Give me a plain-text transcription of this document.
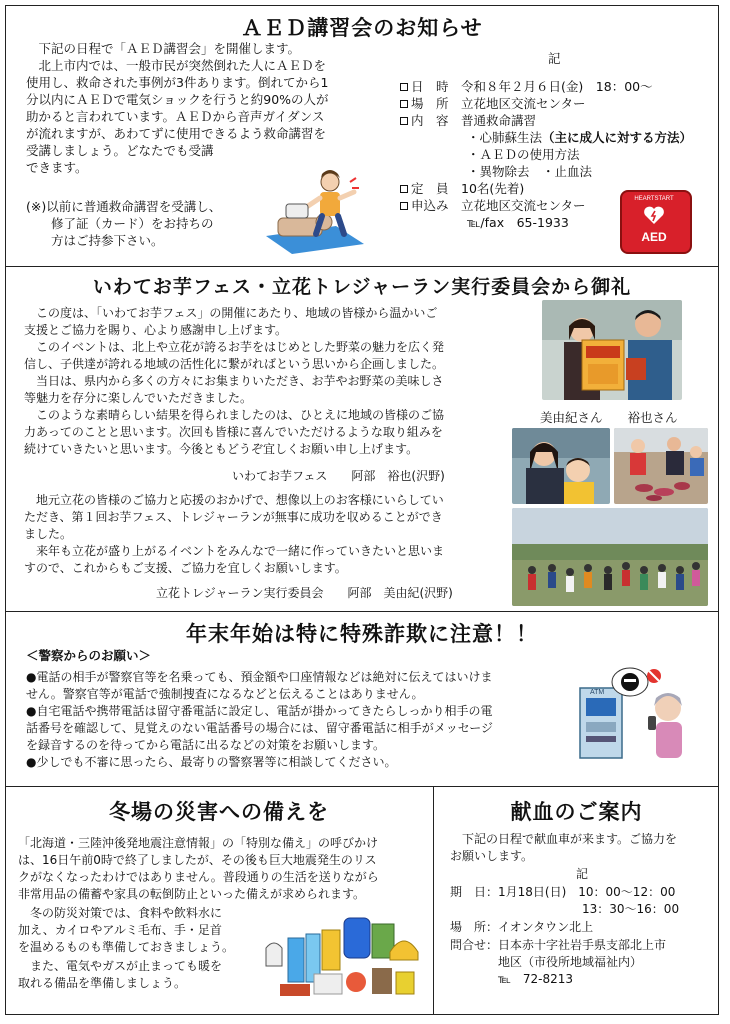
ＡＥＤ講習会のお知らせ
　下記の日程で「ＡＥＤ講習会」を開催します。
　北上市内では、一般市民が突然倒れた人にＡＥＤを
使用し、救命された事例が3件あります。倒れてから1
分以内にＡＥＤで電気ショックを行うと約90%の人が
助かると言われています。ＡＥＤから音声ガイダンス
が流れますが、あわてずに使用できるよう救命講習を
受講しましょう。どなたでも受講
できます。
(※)以前に普通救命講習を受講し、
　　修了証（カード）をお持ちの
　　方はご持参下さい。
記
日　時　 令和８年２月６日(金)　18：00～
場　所　 立花地区交流センター
内　容　 普通救命講習
・心肺蘇生法（主に成人に対する方法）
・ＡＥＤの使用方法
・異物除去　・止血法
定　員　 10名(先着)
申込み　 立花地区交流センター
℡/fax　65-1933
HEARTSTART
AED
いわてお芋フェス・立花トレジャーラン実行委員会から御礼
　この度は、「いわてお芋フェス」の開催にあたり、地域の皆様から温かいご
支援とご協力を賜り、心より感謝申し上げます。
　このイベントは、北上や立花が誇るお芋をはじめとした野菜の魅力を広く発
信し、子供達が誇れる地域の活性化に繋がればという思いから企画しました。
　当日は、県内から多くの方々にお集まりいただき、お芋やお野菜の美味しさ
等魅力を存分に楽しんでいただきました。
　このような素晴らしい結果を得られましたのは、ひとえに地域の皆様のご協
力あってのことと思います。次回も皆様に喜んでいただけるような取り組みを
続けていきたいと思います。今後ともどうぞ宜しくお願い申し上げます。
いわてお芋フェス　　阿部　裕也(沢野)
　地元立花の皆様のご協力と応援のおかげで、想像以上のお客様にいらしてい
ただき、第１回お芋フェス、トレジャーランが無事に成功を収めることができ
ました。
　来年も立花が盛り上がるイベントをみんなで一緒に作っていきたいと思いま
すので、これからもご支援、ご協力を宜しくお願いします。
立花トレジャーラン実行委員会　　阿部　美由紀(沢野)
美由紀さん　　裕也さん
年末年始は特に特殊詐欺に注意！！
＜警察からのお願い＞
●電話の相手が警察官等を名乗っても、預金額や口座情報などは絶対に伝えてはいけま
せん。警察官等が電話で強制捜査になるなどと伝えることはありません。
●自宅電話や携帯電話は留守番電話に設定し、電話が掛かってきたらしっかり相手の電
話番号を確認して、見覚えのない電話番号の場合には、留守番電話に相手がメッセージ
を録音するのを待ってから電話に出るなどの対策をお願いします。
●少しでも不審に思ったら、最寄りの警察署等に相談してください。
ATM
冬場の災害への備えを
「北海道・三陸沖後発地震注意情報」の「特別な備え」の呼びかけ
は、16日午前0時で終了しましたが、その後も巨大地震発生のリス
クがなくなったわけではありません。普段通りの生活を送りながら
非常用品の備蓄や家具の転倒防止といった備えが求められます。
　冬の防災対策では、食料や飲料水に
加え、カイロやアルミ毛布、手・足首
を温めるものも準備しておきましょう。
　また、電気やガスが止まっても暖を
取れる備品を準備しましょう。
献血のご案内
　下記の日程で献血車が来ます。ご協力を
お願いします。
記
期　日：1月18日(日)　10：00～12：00
　　　　　　　　　　　13：30～16：00
場　所：イオンタウン北上
問合せ：日本赤十字社岩手県支部北上市
　　　　地区（市役所地域福祉内）
　　　　℡　72-8213
